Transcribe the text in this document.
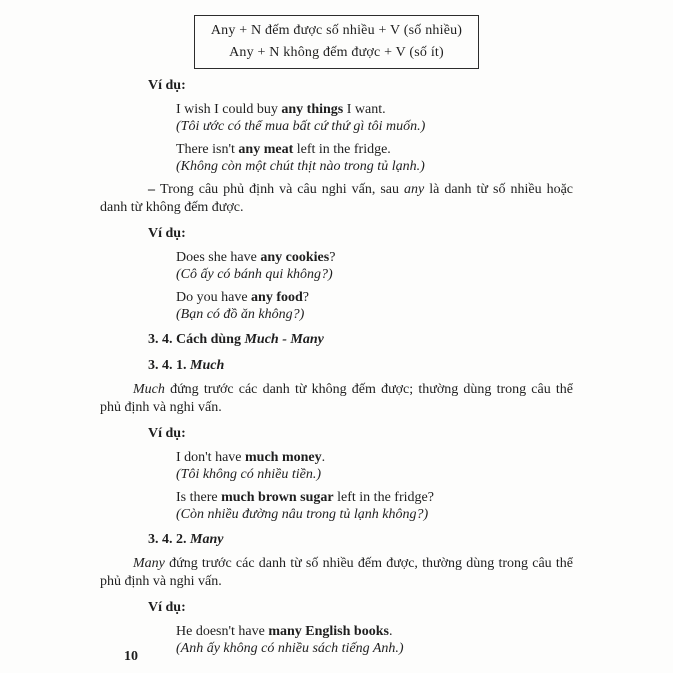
Any + N đếm được số nhiều + V (số nhiều)
Any + N không đếm được + V (số ít)

Ví dụ:

I wish I could buy any things I want.

(Tôi ước có thể mua bất cứ thứ gì tôi muốn.)

There isn't any meat left in the fridge.

(Không còn một chút thịt nào trong tủ lạnh.)

– Trong câu phủ định và câu nghi vấn, sau any là danh từ số nhiều hoặc danh từ không đếm được.

Ví dụ:

Does she have any cookies?

(Cô ấy có bánh qui không?)

Do you have any food?

(Bạn có đồ ăn không?)

3. 4. Cách dùng Much - Many

3. 4. 1. Much

Much đứng trước các danh từ không đếm được; thường dùng trong câu thể phủ định và nghi vấn.

Ví dụ:

I don't have much money.

(Tôi không có nhiều tiền.)

Is there much brown sugar left in the fridge?

(Còn nhiều đường nâu trong tủ lạnh không?)

3. 4. 2. Many

Many đứng trước các danh từ số nhiều đếm được, thường dùng trong câu thể phủ định và nghi vấn.

Ví dụ:

He doesn't have many English books.

(Anh ấy không có nhiều sách tiếng Anh.)

10
